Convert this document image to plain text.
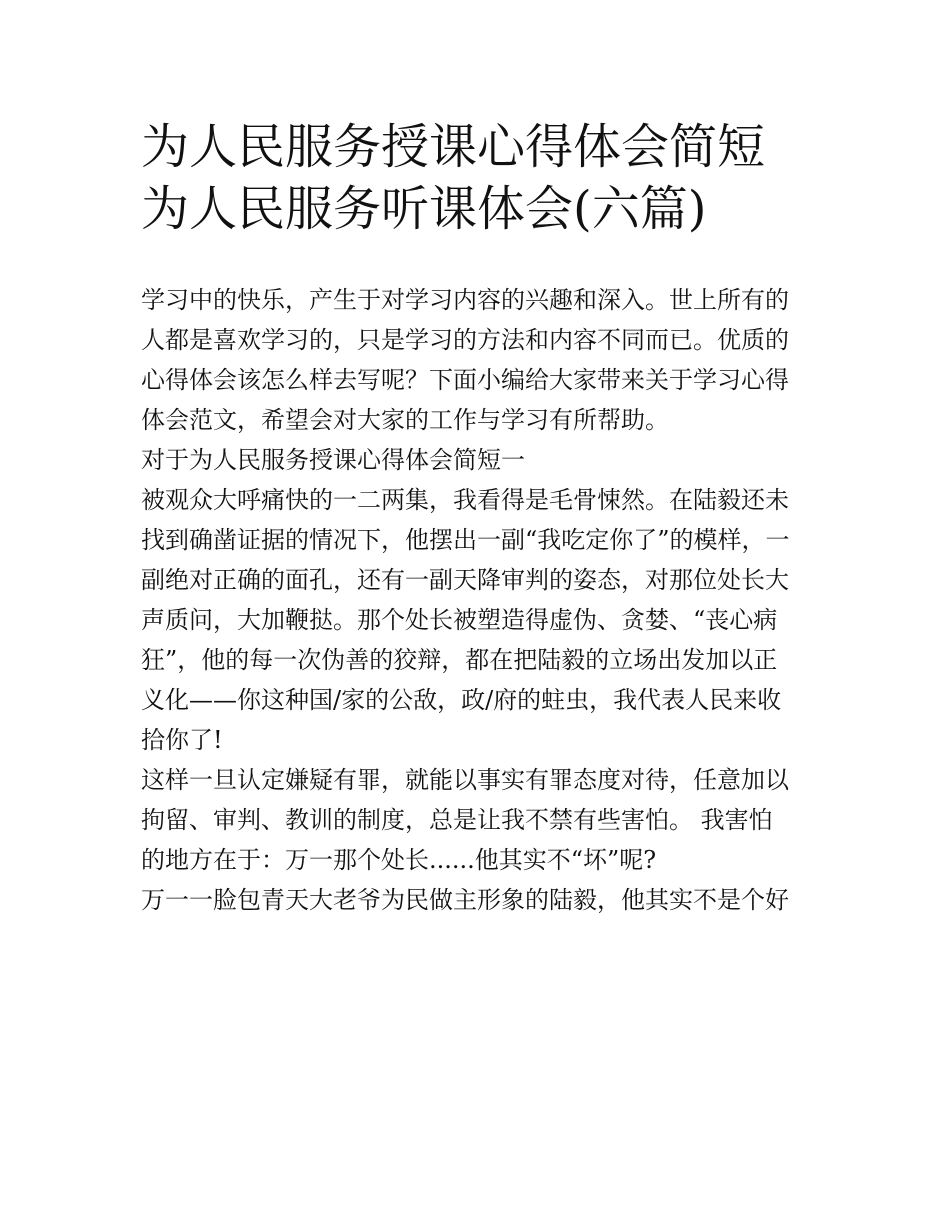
为人民服务授课心得体会简短
为人民服务听课体会(六篇)

学习中的快乐，产生于对学习内容的兴趣和深入。世上所有的
人都是喜欢学习的，只是学习的方法和内容不同而已。优质的
心得体会该怎么样去写呢？下面小编给大家带来关于学习心得
体会范文，希望会对大家的工作与学习有所帮助。

对于为人民服务授课心得体会简短一

被观众大呼痛快的一二两集，我看得是毛骨悚然。在陆毅还未
找到确凿证据的情况下，他摆出一副“我吃定你了”的模样，一
副绝对正确的面孔，还有一副天降审判的姿态，对那位处长大
声质问，大加鞭挞。那个处长被塑造得虚伪、贪婪、“丧心病
狂”，他的每一次伪善的狡辩，都在把陆毅的立场出发加以正
义化——你这种国/家的公敌，政/府的蛀虫，我代表人民来收
拾你了!

这样一旦认定嫌疑有罪，就能以事实有罪态度对待，任意加以
拘留、审判、教训的制度，总是让我不禁有些害怕。 我害怕
的地方在于：万一那个处长......他其实不“坏”呢?

万一一脸包青天大老爷为民做主形象的陆毅，他其实不是个好
